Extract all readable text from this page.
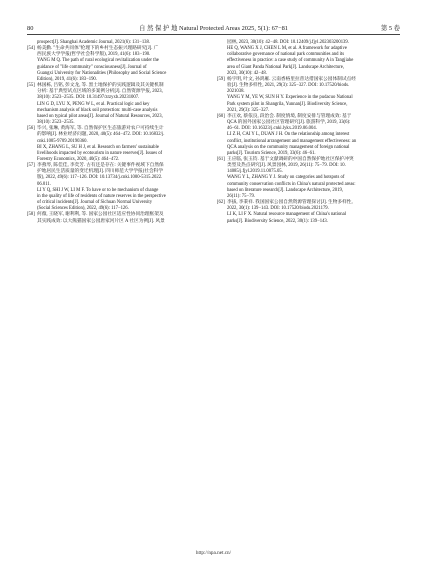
80	自 然 保 护 地 Natural Protected Areas 2025, 5(1): 67−81	第 5 卷
prospect[J]. Shanghai Academic Journal, 2021(6): 131−138.
[54] 杨美勤. "生命共同体"伦理下的乡村生态振兴理路研究[J]. 广
西民族大学学报(哲学社会科学版), 2019, 41(6): 183−190.
YANG M Q. The path of rural ecological revitalization under the
guidance of "life community" consciousness[J]. Journal of
Guangxi University for Nationalities (Philosophy and Social Science
Edition), 2019, 41(6): 183−190.
[55] 林国栋, 吕铭, 彭文龙, 等. 黑土地保护的实践逻辑及其关键机制
分析: 基于典型试点区域的多案例分析[J]. 自然资源学报, 2023,
38(10): 2523−2535. DOI: 10.31497/zrzyxb.20231007.
LIN G D, LYU X, PENG W L, et al. Practical logic and key
mechanism analysis of black soil protection: multi-case analysis
based on typical pilot areas[J]. Journal of Natural Resources, 2023,
38(10): 2523−2535.
[56] 毕兴, 张琳, 黄海军, 等. 自然保护区生态旅游对农户可持续生计
的影响[J]. 林业经济问题, 2020, 40(5): 464−472. DOI: 10.16832/j.
cnki.1005-9709.20190360.
BI X, ZHANG L, SU H J, et al. Research on farmers' sustainable
livelihoods impacted by ecotourism in nature reserves[J]. Issues of
Forestry Economics, 2020, 40(5): 464−472.
[57] 李燕琴, 陈佳佳, 李奕芳. 古有还是存在: 关键事件视域下自然保
护地居民生活质量的变迁机理[J]. 四川师范大学学报(社会科学
版), 2022, 49(6): 117−126. DOI: 10.13734/j.cnki.1000-5315.2022.
06.011.
LI Y Q, SHI J W, LI M F. To have or to be mechanism of change
in the quality of life of residents of nature reserves in the perspective
of critical incidents[J]. Journal of Sichuan Normal University
(Social Sciences Edition), 2022, 49(6): 117−126.
[58] 何薇, 王晓军, 谢利利, 等. 国家公园社区适应性协同治理框架及
其实践成效: 以大熊猫国家公园唐家河片区 A 社区为例[J]. 风景
园林, 2023, 30(10): 42−48. DOI: 10.12409/j.fjyl.202303200139.
HE Q, WANG X J, CHEN L M, et al. A framework for adaptive
collaborative governance of national park communities and its
effectiveness in practice: a case study of community A in Tangjiahe
area of Giant Panda National Park[J]. Landscape Architecture,
2023, 30(10): 42−48.
[59] 杨宇明, 叶文, 孙鸿雁. 云南香格里拉普达措国家公园体制试点经
验[J]. 生物多样性, 2021, 29(3): 325−327. DOI: 10.17520/biods.
2021038.
YANG Y M, YE W, SUN H Y. Experience in the pudacuo National
Park system pilot in Shangrila, Yunnan[J]. Biodiversity Science,
2021, 29(3): 325−327.
[60] 李正欢, 蔡依良, 段治会. 制度情境, 制度安排与管理成效: 基于
QCA 的国外国家公园社区管理研究[J]. 旅游科学, 2019, 33(6):
46−61. DOI: 10.16323/j.cnki.lykx.2019.06.004.
LI Z H, CAI Y L, DUAN J H. On the relationship among interest
conflict, institutional arrangement and management effectiveness: an
QCA analysis on the community management of foreign national
parks[J]. Tourism Science, 2019, 33(6): 46−61.
[61] 王应临, 张玉钧. 基于文献调研的中国自然保护地社区保护冲突
类型及热点研究[J]. 风景园林, 2019, 26(11): 75−79. DOI: 10.
14085/j.fjyl.2019.11.0075.05.
WANG Y L, ZHANG Y J. Study on categories and hotspots of
community conservation conflicts in China's natural protected areas:
based on literature research[J]. Landscape Architecture, 2019,
26(11): 75−79.
[62] 李拔, 李秉祥. 我国国家公园自然资源管理探讨[J]. 生物多样性,
2022, 30(1): 139−143. DOI: 10.17520/biods.2021179.
LI K, LI F X. Natural resource management of China's national
parks[J]. Biodiversity Science, 2022, 30(1): 139−143.
http://npa.net.cn/
